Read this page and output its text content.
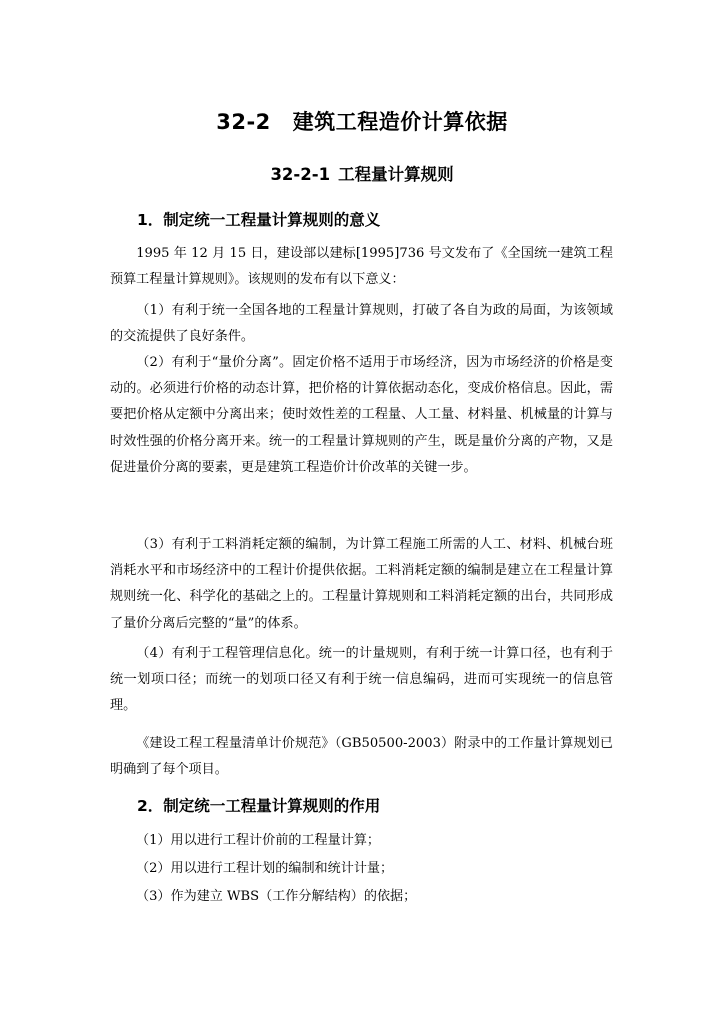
32-2 建筑工程造价计算依据
32-2-1 工程量计算规则
1．制定统一工程量计算规则的意义

1995 年 12 月 15 日，建设部以建标[1995]736 号文发布了《全国统一建筑工程预算工程量计算规则》。该规则的发布有以下意义：

（1）有利于统一全国各地的工程量计算规则，打破了各自为政的局面，为该领域的交流提供了良好条件。

（2）有利于“量价分离”。固定价格不适用于市场经济，因为市场经济的价格是变动的。必须进行价格的动态计算，把价格的计算依据动态化，变成价格信息。因此，需要把价格从定额中分离出来；使时效性差的工程量、人工量、材料量、机械量的计算与时效性强的价格分离开来。统一的工程量计算规则的产生，既是量价分离的产物，又是促进量价分离的要素，更是建筑工程造价计价改革的关键一步。

（3）有利于工料消耗定额的编制，为计算工程施工所需的人工、材料、机械台班消耗水平和市场经济中的工程计价提供依据。工料消耗定额的编制是建立在工程量计算规则统一化、科学化的基础之上的。工程量计算规则和工料消耗定额的出台，共同形成了量价分离后完整的“量”的体系。

（4）有利于工程管理信息化。统一的计量规则，有利于统一计算口径，也有利于统一划项口径；而统一的划项口径又有利于统一信息编码，进而可实现统一的信息管理。

《建设工程工程量清单计价规范》（GB50500-2003）附录中的工作量计算规划已明确到了每个项目。

2．制定统一工程量计算规则的作用

（1）用以进行工程计价前的工程量计算；

（2）用以进行工程计划的编制和统计计量；

（3）作为建立 WBS（工作分解结构）的依据；
